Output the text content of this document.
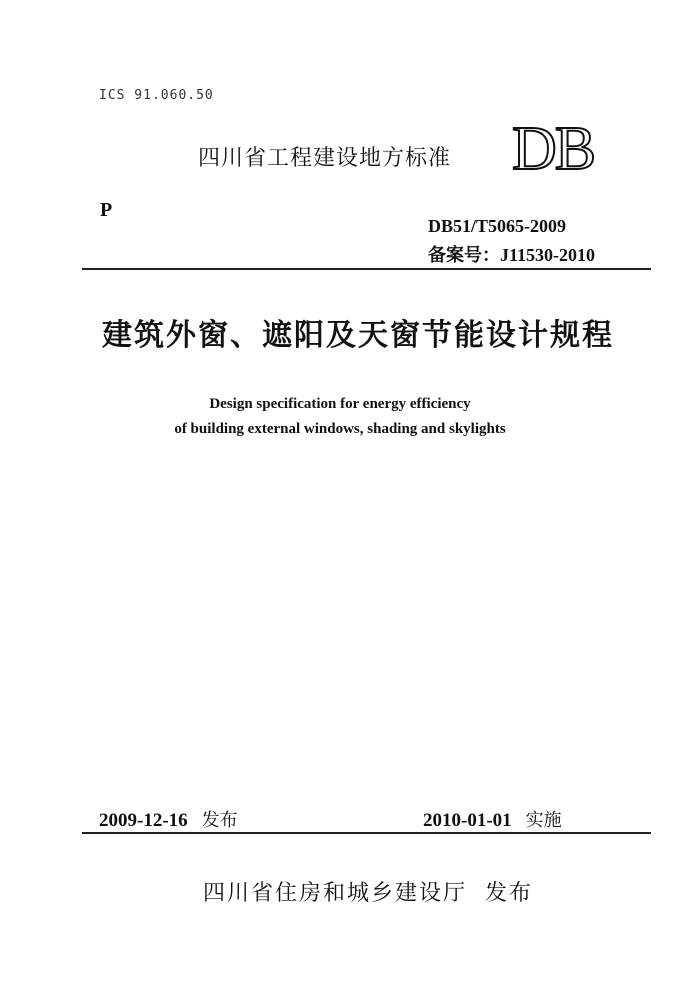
ICS 91.060.50
四川省工程建设地方标准 DB
P
DB51/T5065-2009
备案号：J11530-2010
建筑外窗、遮阳及天窗节能设计规程
Design specification for energy efficiency
of building external windows, shading and skylights
2009-12-16 发布	2010-01-01 实施
四川省住房和城乡建设厅 发布
